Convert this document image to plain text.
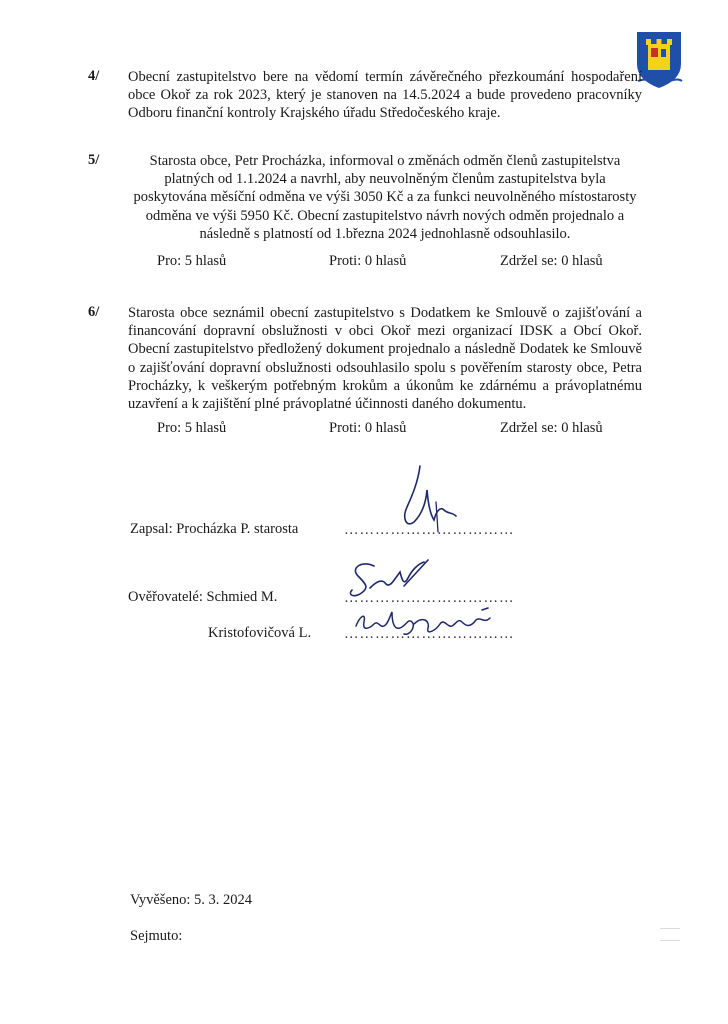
4/ Obecní zastupitelstvo bere na vědomí termín závěrečného přezkoumání hospodaření obce Okoř za rok 2023, který je stanoven na 14.5.2024 a bude provedeno pracovníky Odboru finanční kontroly Krajského úřadu Středočeského kraje.
5/	Starosta obce, Petr Procházka, informoval o změnách odměn členů zastupitelstva platných od 1.1.2024 a navrhl, aby neuvolněným členům zastupitelstva byla poskytována měsíční odměna ve výši 3050 Kč a za funkci neuvolněného místostarosty odměna ve výši 5950 Kč. Obecní zastupitelstvo návrh nových odměn projednalo a následně s platností od 1.března 2024 jednohlasně odsouhlasilo.
Pro: 5 hlasů	Proti: 0 hlasů	Zdržel se: 0 hlasů
6/ Starosta obce seznámil obecní zastupitelstvo s Dodatkem ke Smlouvě o zajišťování a financování dopravní obslužnosti v obci Okoř mezi organizací IDSK a Obcí Okoř. Obecní zastupitelstvo předložený dokument projednalo a následně Dodatek ke Smlouvě o zajišťování dopravní obslužnosti odsouhlasilo spolu s pověřením starosty obce, Petra Procházky, k veškerým potřebným krokům a úkonům ke zdárnému a právoplatnému uzavření a k zajištění plné právoplatné účinnosti daného dokumentu.
Pro: 5 hlasů	Proti: 0 hlasů	Zdržel se: 0 hlasů
Zapsal: Procházka P. starosta	……………………………
Ověřovatelé: Schmied M.	……………………………
Kristofovičová L. ……………………………
Vyvěšeno: 5. 3. 2024
Sejmuto:
